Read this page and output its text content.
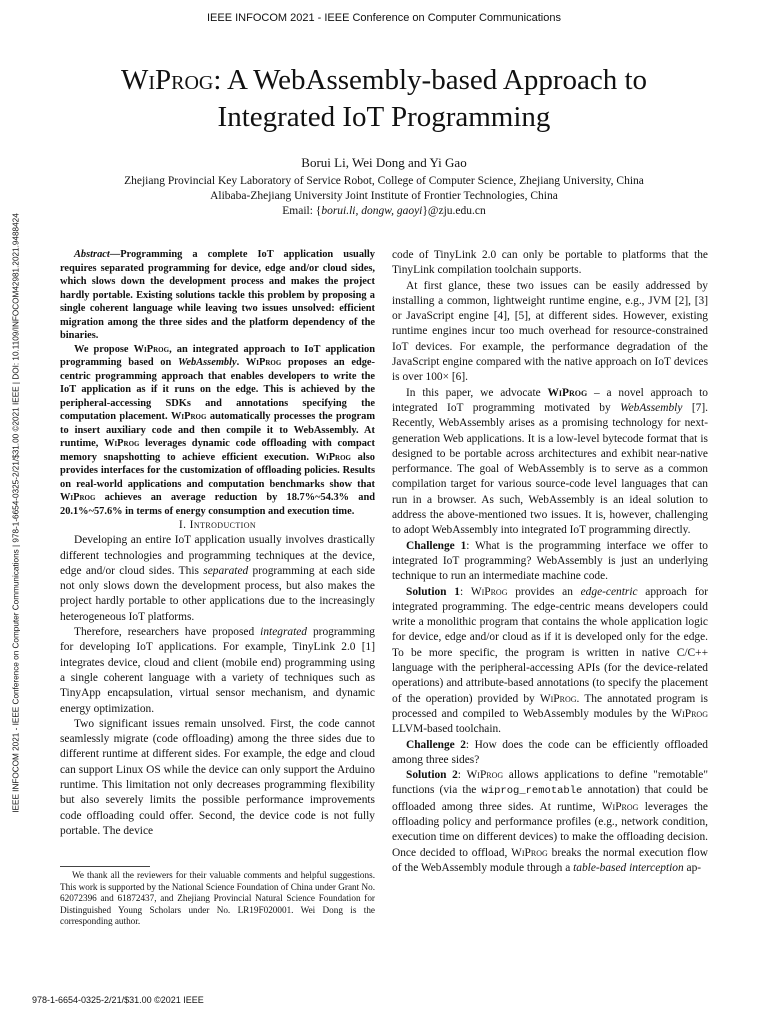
IEEE INFOCOM 2021 - IEEE Conference on Computer Communications
WiProg: A WebAssembly-based Approach to
Integrated IoT Programming
Borui Li, Wei Dong and Yi Gao
Zhejiang Provincial Key Laboratory of Service Robot, College of Computer Science, Zhejiang University, China
Alibaba-Zhejiang University Joint Institute of Frontier Technologies, China
Email: {borui.li, dongw, gaoyi}@zju.edu.cn
IEEE INFOCOM 2021 - IEEE Conference on Computer Communications | 978-1-6654-0325-2/21/$31.00 ©2021 IEEE | DOI: 10.1109/INFOCOM42981.2021.9488424	Abstract—Programming a complete IoT application usually requires separated programming for device, edge and/or cloud sides, which slows down the development process and makes the project hardly portable. Existing solutions tackle this problem by proposing a single coherent language while leaving two issues unsolved: efficient migration among the three sides and the platform dependency of the binaries.

We propose WiProg, an integrated approach to IoT application programming based on WebAssembly. WiProg proposes an edge-centric programming approach that enables developers to write the IoT application as if it runs on the edge. This is achieved by the peripheral-accessing SDKs and annotations specifying the computation placement. WiProg automatically processes the program to insert auxiliary code and then compile it to WebAssembly. At runtime, WiProg leverages dynamic code offloading with compact memory snapshotting to achieve efficient execution. WiProg also provides interfaces for the customization of offloading policies. Results on real-world applications and computation benchmarks show that WiProg achieves an average reduction by 18.7%~54.3% and 20.1%~57.6% in terms of energy consumption and execution time.

I. Introduction

Developing an entire IoT application usually involves drastically different technologies and programming techniques at the device, edge and/or cloud sides. This separated programming at each side not only slows down the development process, but also makes the project hardly portable to other applications due to the increasingly heterogeneous IoT platforms.

Therefore, researchers have proposed integrated programming for developing IoT applications. For example, TinyLink 2.0 [1] integrates device, cloud and client (mobile end) programming using a single coherent language with a variety of techniques such as TinyApp encapsulation, virtual sensor mechanism, and dynamic energy optimization.

Two significant issues remain unsolved. First, the code cannot seamlessly migrate (code offloading) among the three sides due to different runtime at different sides. For example, the edge and cloud can support Linux OS while the device can only support the Arduino runtime. This limitation not only decreases programming flexibility but also severely limits the possible performance improvements code offloading could offer. Second, the device code is not fully portable. The device

We thank all the reviewers for their valuable comments and helpful suggestions. This work is supported by the National Science Foundation of China under Grant No. 62072396 and 61872437, and Zhejiang Provincial Natural Science Foundation for Distinguished Young Scholars under No. LR19F020001. Wei Dong is the corresponding author.

code of TinyLink 2.0 can only be portable to platforms that the TinyLink compilation toolchain supports.

At first glance, these two issues can be easily addressed by installing a common, lightweight runtime engine, e.g., JVM [2], [3] or JavaScript engine [4], [5], at different sides. However, existing runtime engines incur too much overhead for resource-constrained IoT devices. For example, the performance degradation of the JavaScript engine compared with the native approach on IoT devices is over 100× [6].

In this paper, we advocate WiProg – a novel approach to integrated IoT programming motivated by WebAssembly [7]. Recently, WebAssembly arises as a promising technology for next-generation Web applications. It is a low-level bytecode format that is designed to be portable across architectures and exhibit near-native performance. The goal of WebAssembly is to serve as a common compilation target for various source-code level languages that can run in a browser. As such, WebAssembly is an ideal solution to address the above-mentioned two issues. It is, however, challenging to adopt WebAssembly into integrated IoT programming directly.

Challenge 1: What is the programming interface we offer to integrated IoT programming? WebAssembly is just an underlying technique to run an intermediate machine code.

Solution 1: WiProg provides an edge-centric approach for integrated programming. The edge-centric means developers could write a monolithic program that contains the whole application logic for device, edge and/or cloud as if it is developed only for the edge. To be more specific, the program is written in native C/C++ language with the peripheral-accessing APIs (for the device-related operations) and attribute-based annotations (to specify the placement of the operation) provided by WiProg. The annotated program is processed and compiled to WebAssembly modules by the WiProg LLVM-based toolchain.

Challenge 2: How does the code can be efficiently offloaded among three sides?

Solution 2: WiProg allows applications to define "remotable" functions (via the wiprog_remotable annotation) that could be offloaded among three sides. At runtime, WiProg leverages the offloading policy and performance profiles (e.g., network condition, execution time on different devices) to make the offloading decision. Once decided to offload, WiProg breaks the normal execution flow of the WebAssembly module through a table-based interception ap-

978-1-6654-0325-2/21/$31.00 ©2021 IEEE
